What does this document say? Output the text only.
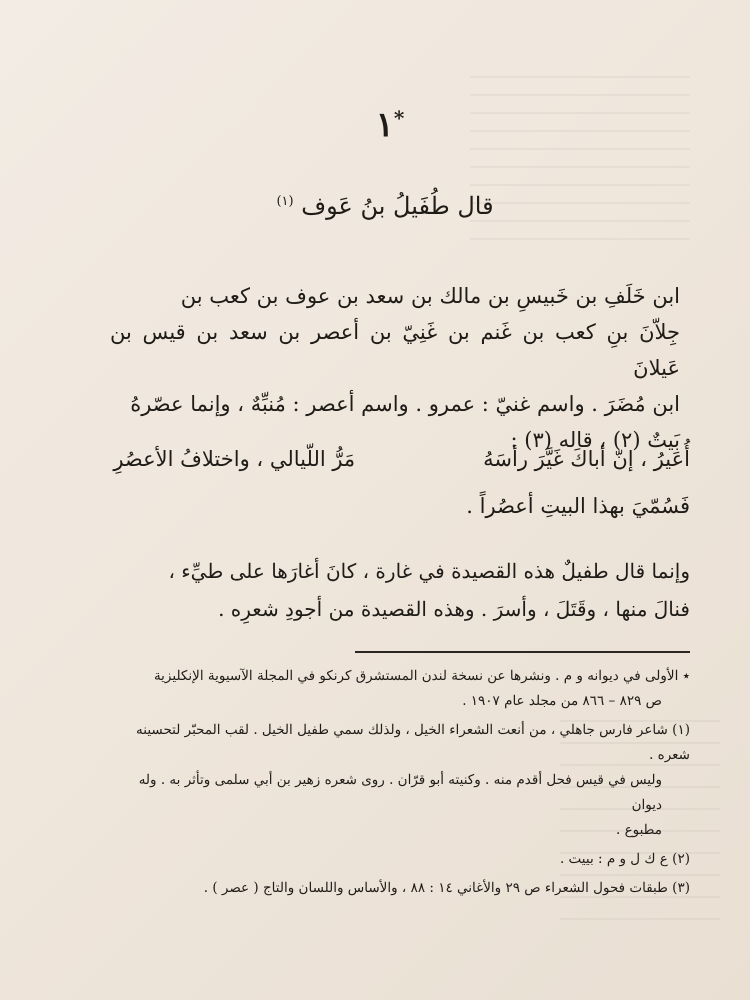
١*
قال طُفَيلُ بنُ عَوف $^{(١)}$

ابن خَلَفِ بن خَبيسِ بن مالك بن سعد بن عوف بن كعب بن

جِلاّنَ بنِ كعب بن غَنم بن غَنِيّ بن أعصر بن سعد بن قيس بن عَيلانَ

ابن مُضَرَ . واسم غنيّ : عمرو . واسم أعصر : مُنبِّهٌ ، وإنما عصّرهُ

بَيتٌ (٢) ، قاله (٣) :

أُعَيرُ ، إنّ أباكَ غَيَّرَ رأسَهُ مَرُّ اللّيالي ، واختلافُ الأعصُرِ
فَسُمّيَ بهذا البيتِ أعصُراً .

وإنما قال طفيلٌ هذه القصيدة في غارة ، كانَ أغارَها على طيِّء ،

فنالَ منها ، وقَتَلَ ، وأسرَ . وهذه القصيدة من أجودِ شعرِه .

٭ الأولى في ديوانه و م . ونشرها عن نسخة لندن المستشرق كرنكو في المجلة الآسيوية الإنكليزية
ص ٨٢٩ – ٨٦٦ من مجلد عام ١٩٠٧ .
(١) شاعر فارس جاهلي ، من أنعت الشعراء الخيل ، ولذلك سمي طفيل الخيل . لقب المحبّر لتحسينه شعره .
وليس في قيس فحل أقدم منه . وكنيته أبو قرّان . روى شعره زهير بن أبي سلمى وتأثر به . وله ديوان
مطبوع .
(٢) ع ك ل و م : بييت .
(٣) طبقات فحول الشعراء ص ٢٩ والأغاني ١٤ : ٨٨ ، والأساس واللسان والتاج ( عصر ) .
